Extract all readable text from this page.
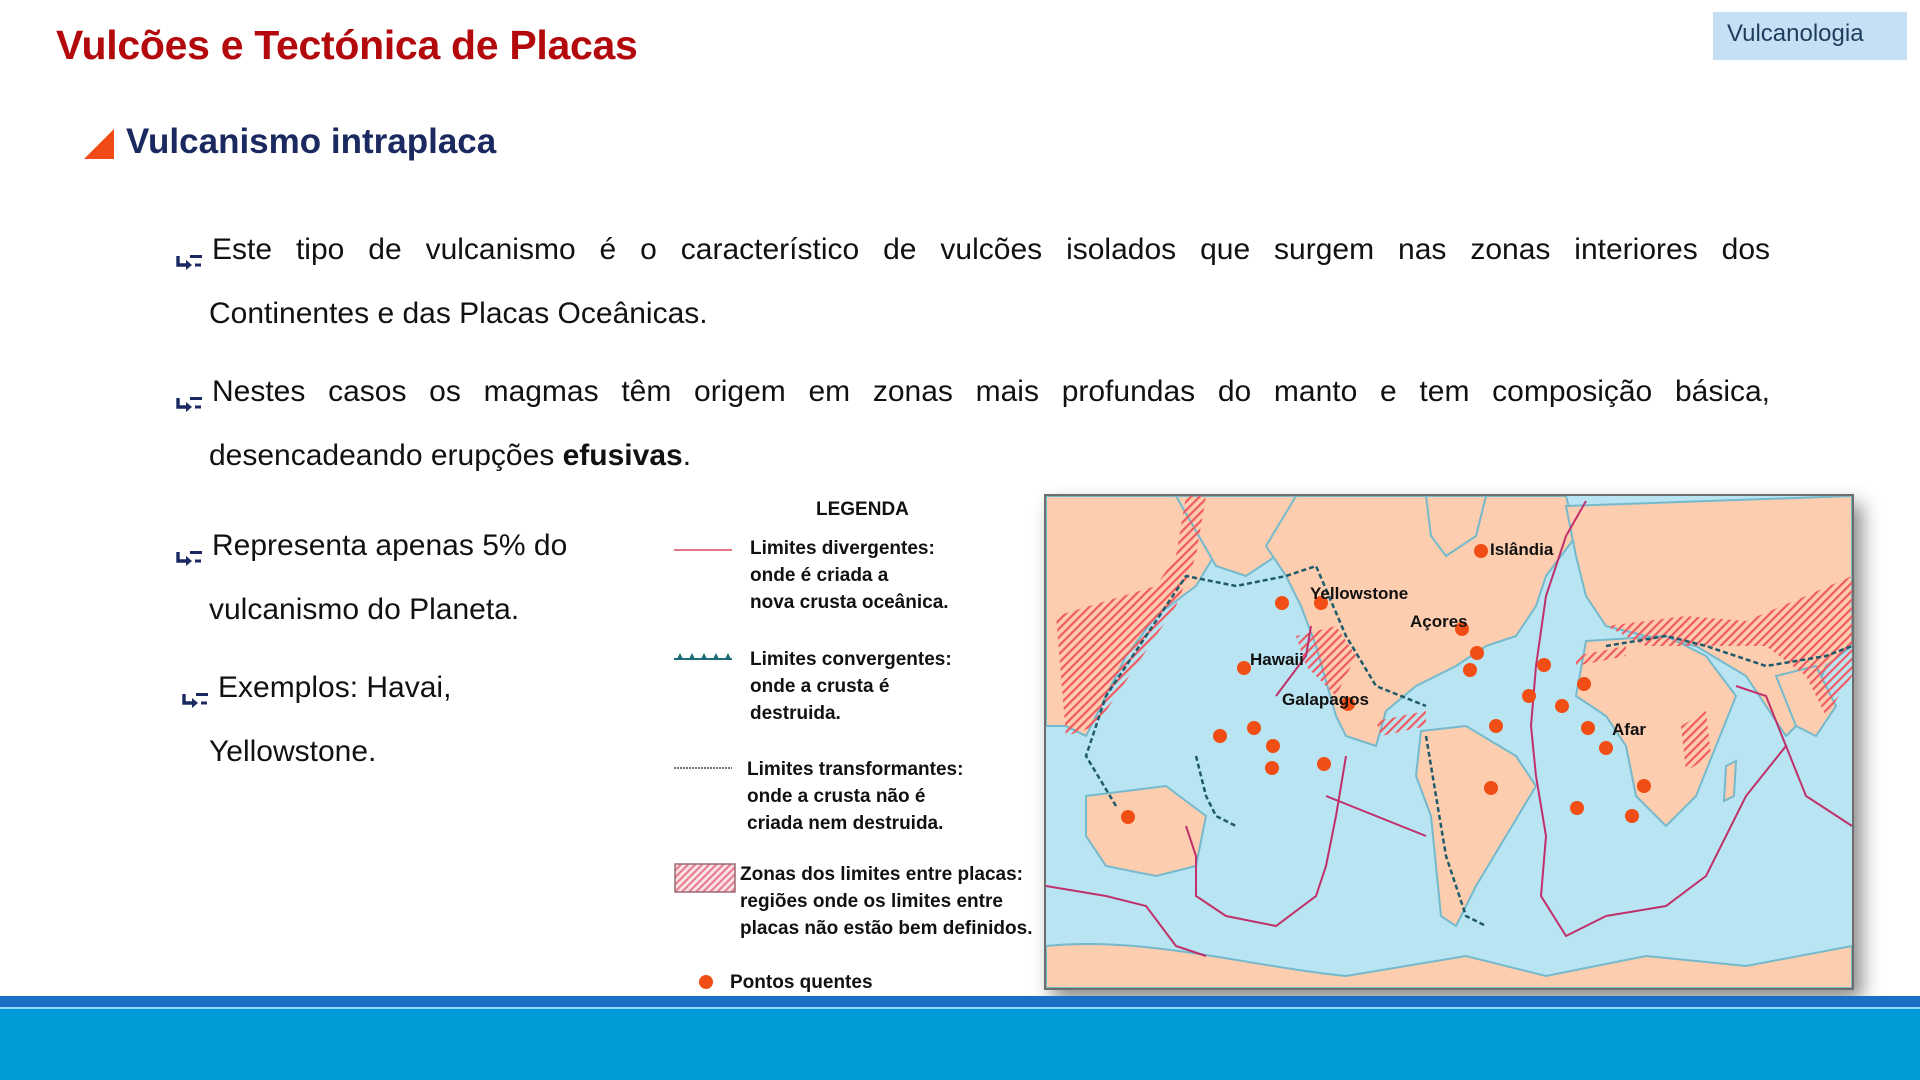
Vulcões e Tectónica de Placas	Vulcanologia
Vulcanismo intraplaca
Este tipo de vulcanismo é o característico de vulcões isolados que surgem nas zonas interiores dos
Continentes e das Placas Oceânicas.
Nestes casos os magmas têm origem em zonas mais profundas do manto e tem composição básica,
desencadeando erupções efusivas.
Representa apenas 5% do
vulcanismo do Planeta.
Exemplos: Havai,
Yellowstone.
LEGENDA
Limites divergentes:
onde é criada a
nova crusta oceânica.
Limites convergentes:
onde a crusta é
destruida.
Limites transformantes:
onde a crusta não é
criada nem destruida.
Zonas dos limites entre placas:
regiões onde os limites entre
placas não estão bem definidos.
Pontos quentes
Yellowstone
Hawaii
Galapagos
Islândia
Açores
Afar
